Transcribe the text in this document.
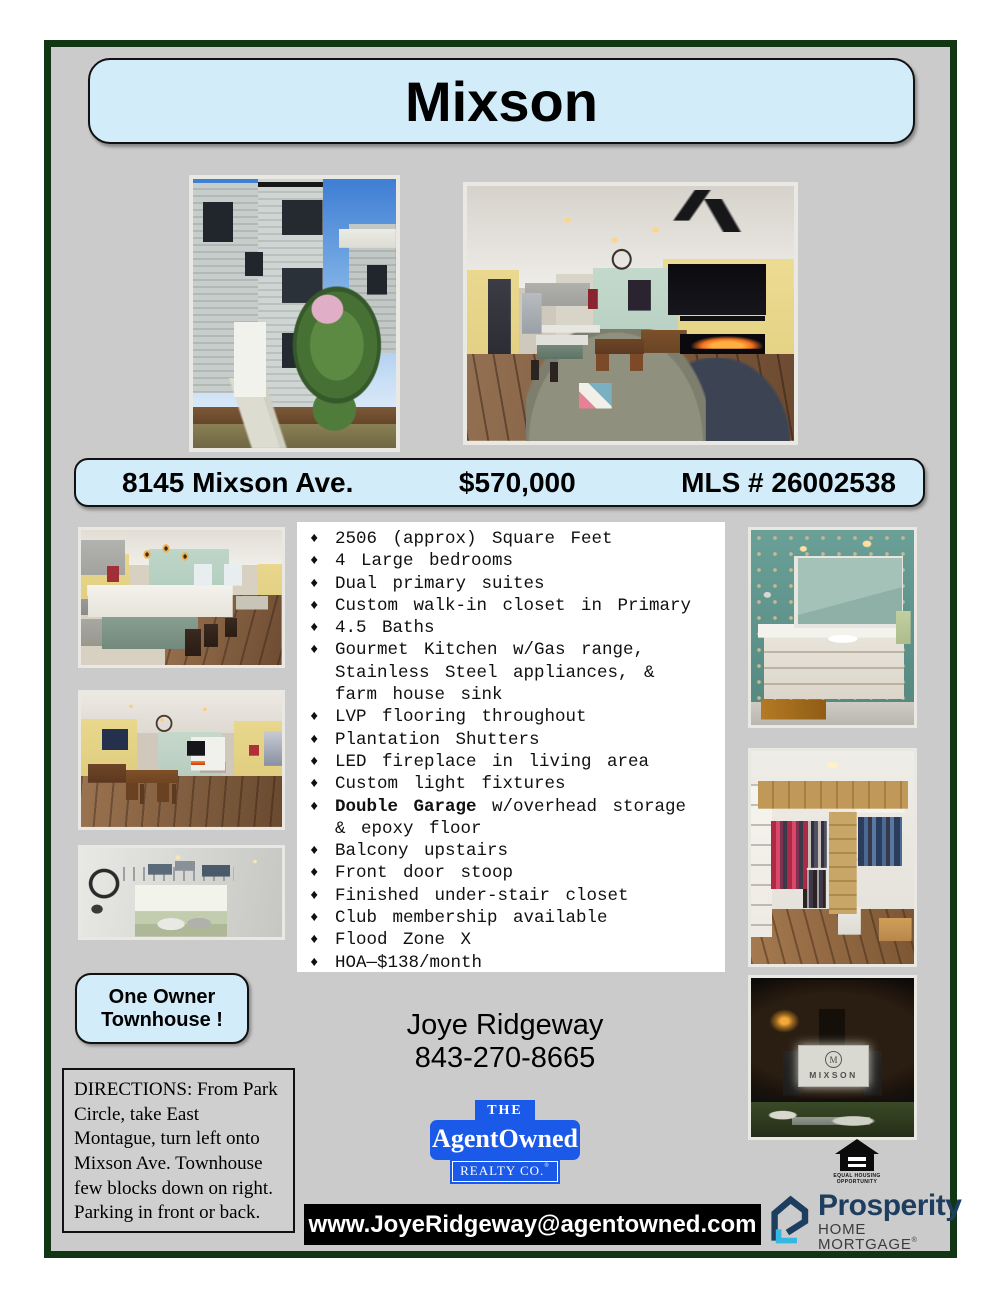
Mixson
8145 Mixson Ave.	$570,000	MLS # 26002538
♦ 2506 (approx) Square Feet
♦ 4 Large bedrooms
♦ Dual primary suites
♦ Custom walk-in closet in Primary
♦ 4.5 Baths
♦ Gourmet Kitchen w/Gas range, Stainless Steel appliances, & farm house sink
♦ LVP flooring throughout
♦ Plantation Shutters
♦ LED fireplace in living area
♦ Custom light fixtures
♦ Double Garage w/overhead storage & epoxy floor
♦ Balcony upstairs
♦ Front door stoop
♦ Finished under-stair closet
♦ Club membership available
♦ Flood Zone X
♦ HOA—$138/month
M
MIXSON
One Owner
Townhouse !
DIRECTIONS: From Park Circle, take East Montague, turn left onto Mixson Ave. Townhouse few blocks down on right. Parking in front or back.
Joye Ridgeway
843-270-8665
THE
AgentOwned
REALTY CO.®
EQUAL HOUSING
OPPORTUNITY
www.JoyeRidgeway@agentowned.com
Prosperity
HOME MORTGAGE®
